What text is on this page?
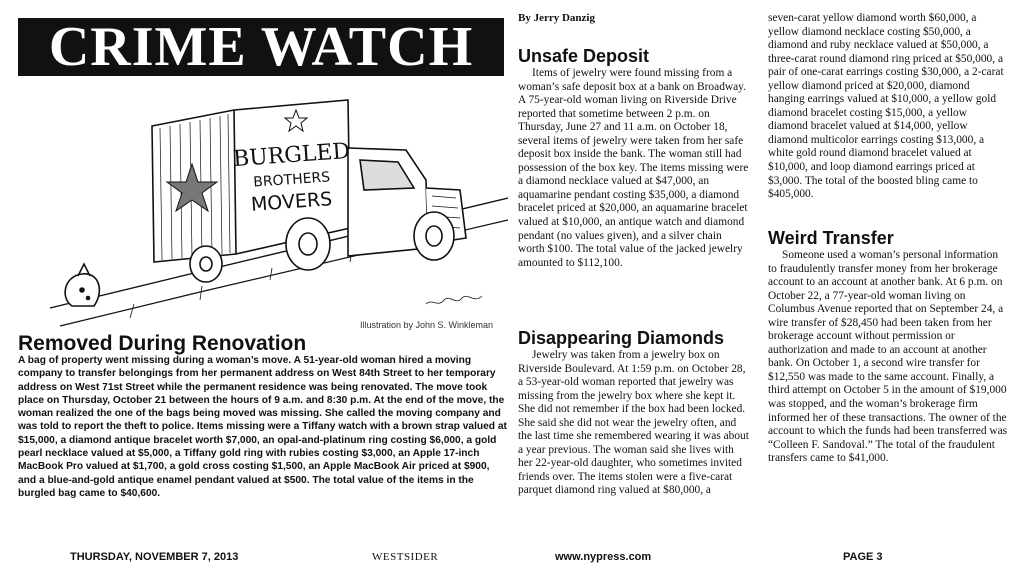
CRIME WATCH
BURGLED
BROTHERS
MOVERS
Illustration by John S. Winkleman
Removed During Renovation

A bag of property went missing during a woman’s move. A 51-year-old woman hired a moving company to transfer belongings from her permanent address on West 84th Street to her temporary address on West 71st Street while the permanent residence was being renovated. The move took place on Thursday, October 21 between the hours of 9 a.m. and 8:30 p.m. At the end of the move, the woman realized the one of the bags being moved was missing. She called the moving company and was told to report the theft to police. Items missing were a Tiffany watch with a brown strap valued at $15,000, a diamond antique bracelet worth $7,000, an opal-and-platinum ring costing $6,000, a gold pearl necklace valued at $5,000, a Tiffany gold ring with rubies costing $3,000, an Apple 17-inch MacBook Pro valued at $1,700, a gold cross costing $1,500, an Apple MacBook Air priced at $900, and a blue-and-gold antique enamel pendant valued at $500. The total value of the items in the burgled bag came to $40,600.

By Jerry Danzig
Unsafe Deposit

Items of jewelry were found missing from a woman’s safe deposit box at a bank on Broadway. A 75-year-old woman living on Riverside Drive reported that sometime between 2 p.m. on Thursday, June 27 and 11 a.m. on October 18, several items of jewelry were taken from her safe deposit box inside the bank. The woman still had possession of the box key. The items missing were a diamond necklace valued at $47,000, an aquamarine pendant costing $35,000, a diamond bracelet priced at $20,000, an aquamarine bracelet valued at $10,000, an antique watch and diamond pendant (no values given), and a silver chain worth $100. The total value of the jacked jewelry amounted to $112,100.

Disappearing Diamonds

Jewelry was taken from a jewelry box on Riverside Boulevard. At 1:59 p.m. on October 28, a 53-year-old woman reported that jewelry was missing from the jewelry box where she kept it. She did not remember if the box had been locked. She said she did not wear the jewelry often, and the last time she remembered wearing it was about a year previous. The woman said she lives with her 22-year-old daughter, who sometimes invited friends over. The items stolen were a five-carat parquet diamond ring valued at $80,000, a

seven-carat yellow diamond worth $60,000, a yellow diamond necklace costing $50,000, a diamond and ruby necklace valued at $50,000, a three-carat round diamond ring priced at $50,000, a pair of one-carat earrings costing $30,000, a 2-carat yellow diamond priced at $20,000, diamond hanging earrings valued at $10,000, a yellow gold diamond bracelet costing $15,000, a yellow diamond bracelet valued at $14,000, yellow diamond multicolor earrings costing $13,000, a white gold round diamond bracelet valued at $10,000, and loop diamond earrings priced at $3,000. The total of the boosted bling came to $405,000.

Weird Transfer

Someone used a woman’s personal information to fraudulently transfer money from her brokerage account to an account at another bank. At 6 p.m. on October 22, a 77-year-old woman living on Columbus Avenue reported that on September 24, a wire transfer of $28,450 had been taken from her brokerage account without permission or authorization and made to an account at another bank. On October 1, a second wire transfer for $12,550 was made to the same account. Finally, a third attempt on October 5 in the amount of $19,000 was stopped, and the woman’s brokerage firm informed her of these transactions. The owner of the account to which the funds had been transferred was “Colleen F. Sandoval.” The total of the fraudulent transfers came to $41,000.

THURSDAY, NOVEMBER 7, 2013	WESTSIDER	www.nypress.com	PAGE 3
